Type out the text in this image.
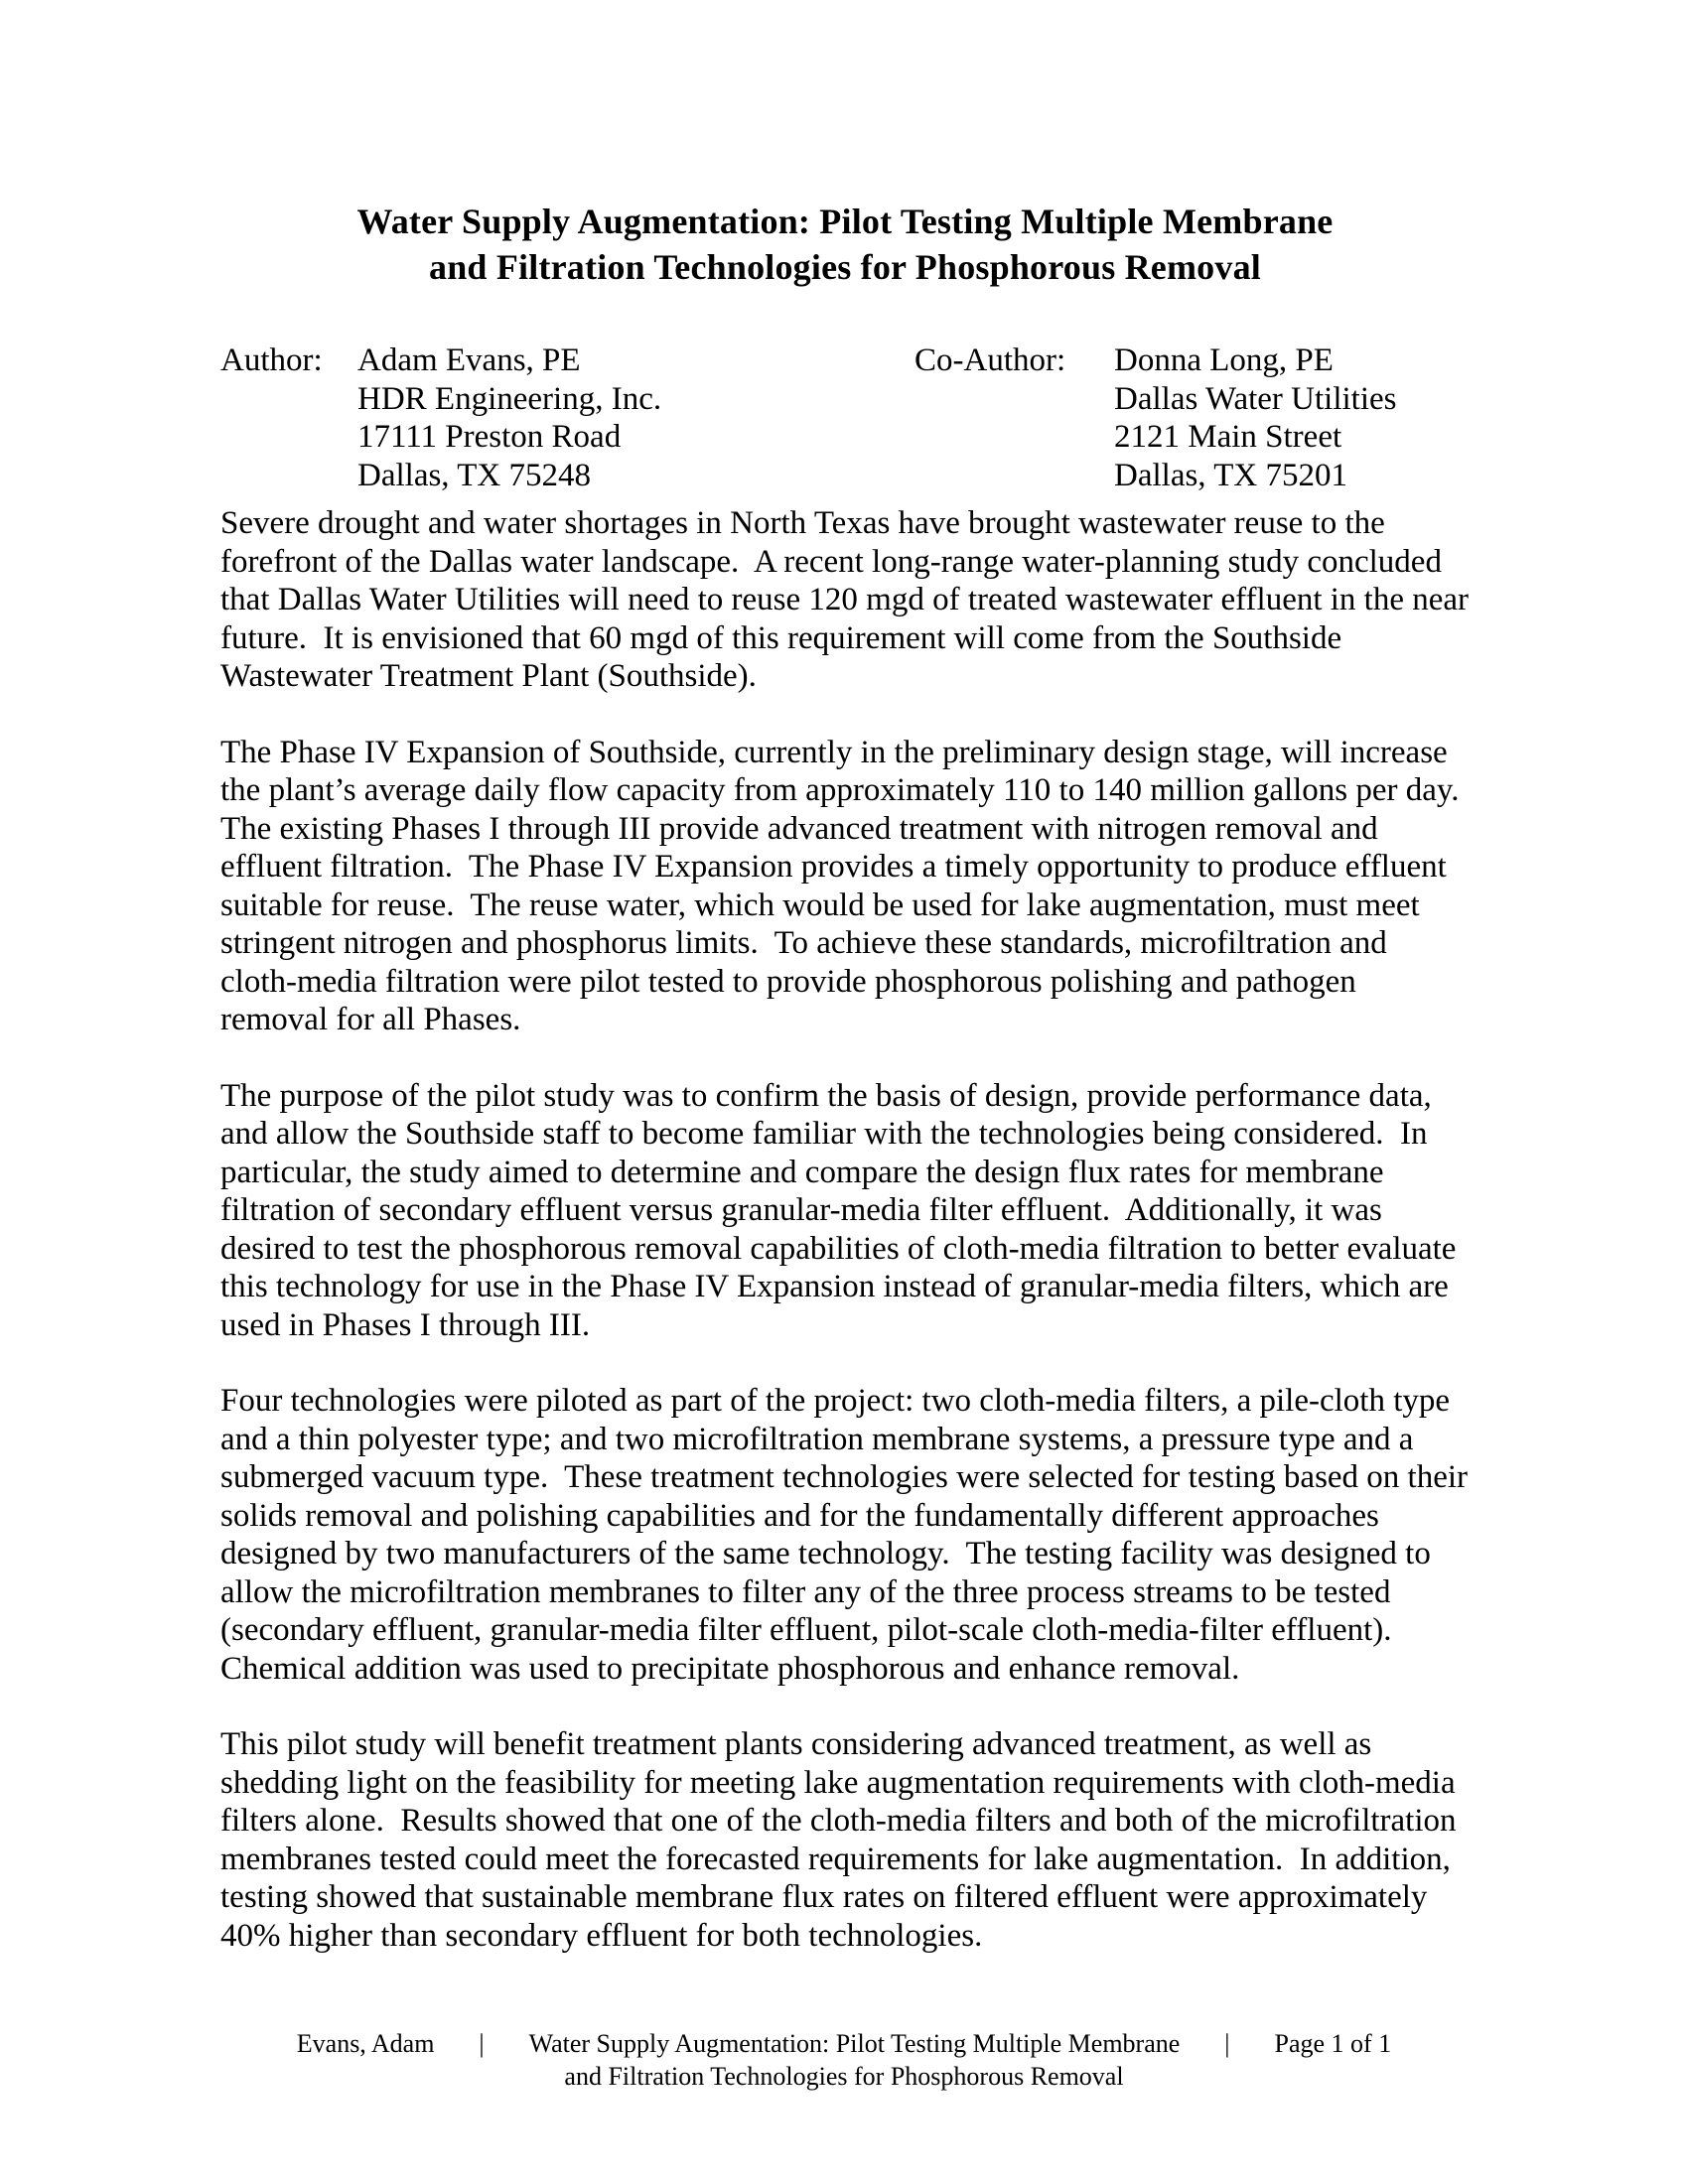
Water Supply Augmentation: Pilot Testing Multiple Membrane
and Filtration Technologies for Phosphorous Removal
Author:	Adam Evans, PE
HDR Engineering, Inc.
17111 Preston Road
Dallas, TX 75248
Co-Author:	Donna Long, PE
Dallas Water Utilities
2121 Main Street
Dallas, TX 75201

Severe drought and water shortages in North Texas have brought wastewater reuse to the forefront of the Dallas water landscape.  A recent long-range water-planning study concluded that Dallas Water Utilities will need to reuse 120 mgd of treated wastewater effluent in the near future.  It is envisioned that 60 mgd of this requirement will come from the Southside Wastewater Treatment Plant (Southside).

The Phase IV Expansion of Southside, currently in the preliminary design stage, will increase the plant’s average daily flow capacity from approximately 110 to 140 million gallons per day.   The existing Phases I through III provide advanced treatment with nitrogen removal and effluent filtration.  The Phase IV Expansion provides a timely opportunity to produce effluent suitable for reuse.  The reuse water, which would be used for lake augmentation, must meet stringent nitrogen and phosphorus limits.  To achieve these standards, microfiltration and cloth-media filtration were pilot tested to provide phosphorous polishing and pathogen removal for all Phases.

The purpose of the pilot study was to confirm the basis of design, provide performance data, and allow the Southside staff to become familiar with the technologies being considered.  In particular, the study aimed to determine and compare the design flux rates for membrane filtration of secondary effluent versus granular-media filter effluent.  Additionally, it was desired to test the phosphorous removal capabilities of cloth-media filtration to better evaluate this technology for use in the Phase IV Expansion instead of granular-media filters, which are used in Phases I through III.

Four technologies were piloted as part of the project: two cloth-media filters, a pile-cloth type and a thin polyester type; and two microfiltration membrane systems, a pressure type and a submerged vacuum type.  These treatment technologies were selected for testing based on their solids removal and polishing capabilities and for the fundamentally different approaches designed by two manufacturers of the same technology.  The testing facility was designed to allow the microfiltration membranes to filter any of the three process streams to be tested (secondary effluent, granular-media filter effluent, pilot-scale cloth-media-filter effluent).  Chemical addition was used to precipitate phosphorous and enhance removal.

This pilot study will benefit treatment plants considering advanced treatment, as well as shedding light on the feasibility for meeting lake augmentation requirements with cloth-media filters alone.  Results showed that one of the cloth-media filters and both of the microfiltration membranes tested could meet the forecasted requirements for lake augmentation.  In addition, testing showed that sustainable membrane flux rates on filtered effluent were approximately 40% higher than secondary effluent for both technologies.

Evans, Adam | Water Supply Augmentation: Pilot Testing Multiple Membrane | Page 1 of 1
and Filtration Technologies for Phosphorous Removal
